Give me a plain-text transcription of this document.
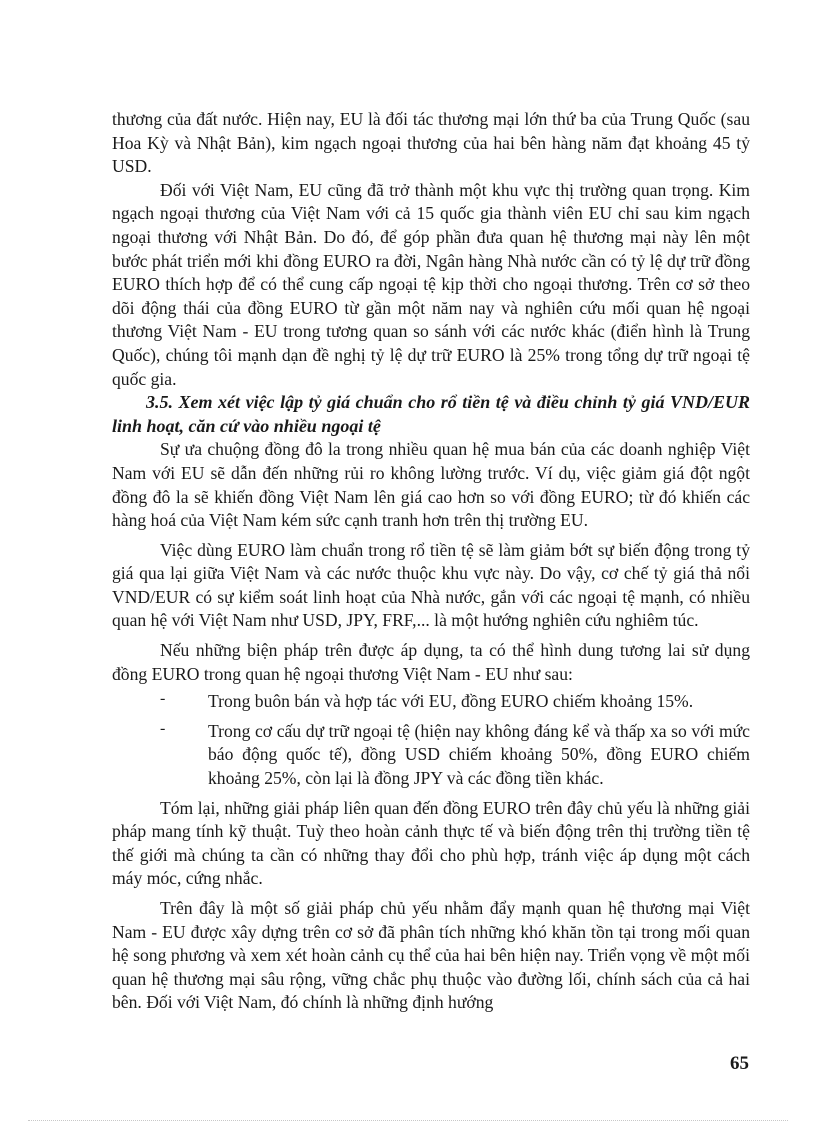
thương của đất nước. Hiện nay, EU là đối tác thương mại lớn thứ ba của Trung Quốc (sau Hoa Kỳ và Nhật Bản), kim ngạch ngoại thương của hai bên hàng năm đạt khoảng 45 tỷ USD.

Đối với Việt Nam, EU cũng đã trở thành một khu vực thị trường quan trọng. Kim ngạch ngoại thương của Việt Nam với cả 15 quốc gia thành viên EU chỉ sau kim ngạch ngoại thương với Nhật Bản. Do đó, để góp phần đưa quan hệ thương mại này lên một bước phát triển mới khi đồng EURO ra đời, Ngân hàng Nhà nước cần có tỷ lệ dự trữ đồng EURO thích hợp để có thể cung cấp ngoại tệ kịp thời cho ngoại thương. Trên cơ sở theo dõi động thái của đồng EURO từ gần một năm nay và nghiên cứu mối quan hệ ngoại thương Việt Nam - EU trong tương quan so sánh với các nước khác (điển hình là Trung Quốc), chúng tôi mạnh dạn đề nghị tỷ lệ dự trữ EURO là 25% trong tổng dự trữ ngoại tệ quốc gia.

3.5. Xem xét việc lập tỷ giá chuẩn cho rổ tiền tệ và điều chỉnh tỷ giá VND/EUR linh hoạt, căn cứ vào nhiều ngoại tệ

Sự ưa chuộng đồng đô la trong nhiều quan hệ mua bán của các doanh nghiệp Việt Nam với EU sẽ dẫn đến những rủi ro không lường trước. Ví dụ, việc giảm giá đột ngột đồng đô la sẽ khiến đồng Việt Nam lên giá cao hơn so với đồng EURO; từ đó khiến các hàng hoá của Việt Nam kém sức cạnh tranh hơn trên thị trường EU.

Việc dùng EURO làm chuẩn trong rổ tiền tệ sẽ làm giảm bớt sự biến động trong tỷ giá qua lại giữa Việt Nam và các nước thuộc khu vực này. Do vậy, cơ chế tỷ giá thả nổi VND/EUR có sự kiểm soát linh hoạt của Nhà nước, gắn với các ngoại tệ mạnh, có nhiều quan hệ với Việt Nam như USD, JPY, FRF,... là một hướng nghiên cứu nghiêm túc.

Nếu những biện pháp trên được áp dụng, ta có thể hình dung tương lai sử dụng đồng EURO trong quan hệ ngoại thương Việt Nam - EU như sau:

-	Trong buôn bán và hợp tác với EU, đồng EURO chiếm khoảng 15%.

-	Trong cơ cấu dự trữ ngoại tệ (hiện nay không đáng kể và thấp xa so với mức báo động quốc tế), đồng USD chiếm khoảng 50%, đồng EURO chiếm khoảng 25%, còn lại là đồng JPY và các đồng tiền khác.

Tóm lại, những giải pháp liên quan đến đồng EURO trên đây chủ yếu là những giải pháp mang tính kỹ thuật. Tuỳ theo hoàn cảnh thực tế và biến động trên thị trường tiền tệ thế giới mà chúng ta cần có những thay đổi cho phù hợp, tránh việc áp dụng một cách máy móc, cứng nhắc.

Trên đây là một số giải pháp chủ yếu nhằm đẩy mạnh quan hệ thương mại Việt Nam - EU được xây dựng trên cơ sở đã phân tích những khó khăn tồn tại trong mối quan hệ song phương và xem xét hoàn cảnh cụ thể của hai bên hiện nay. Triển vọng về một mối quan hệ thương mại sâu rộng, vững chắc phụ thuộc vào đường lối, chính sách của cả hai bên. Đối với Việt Nam, đó chính là những định hướng

65
